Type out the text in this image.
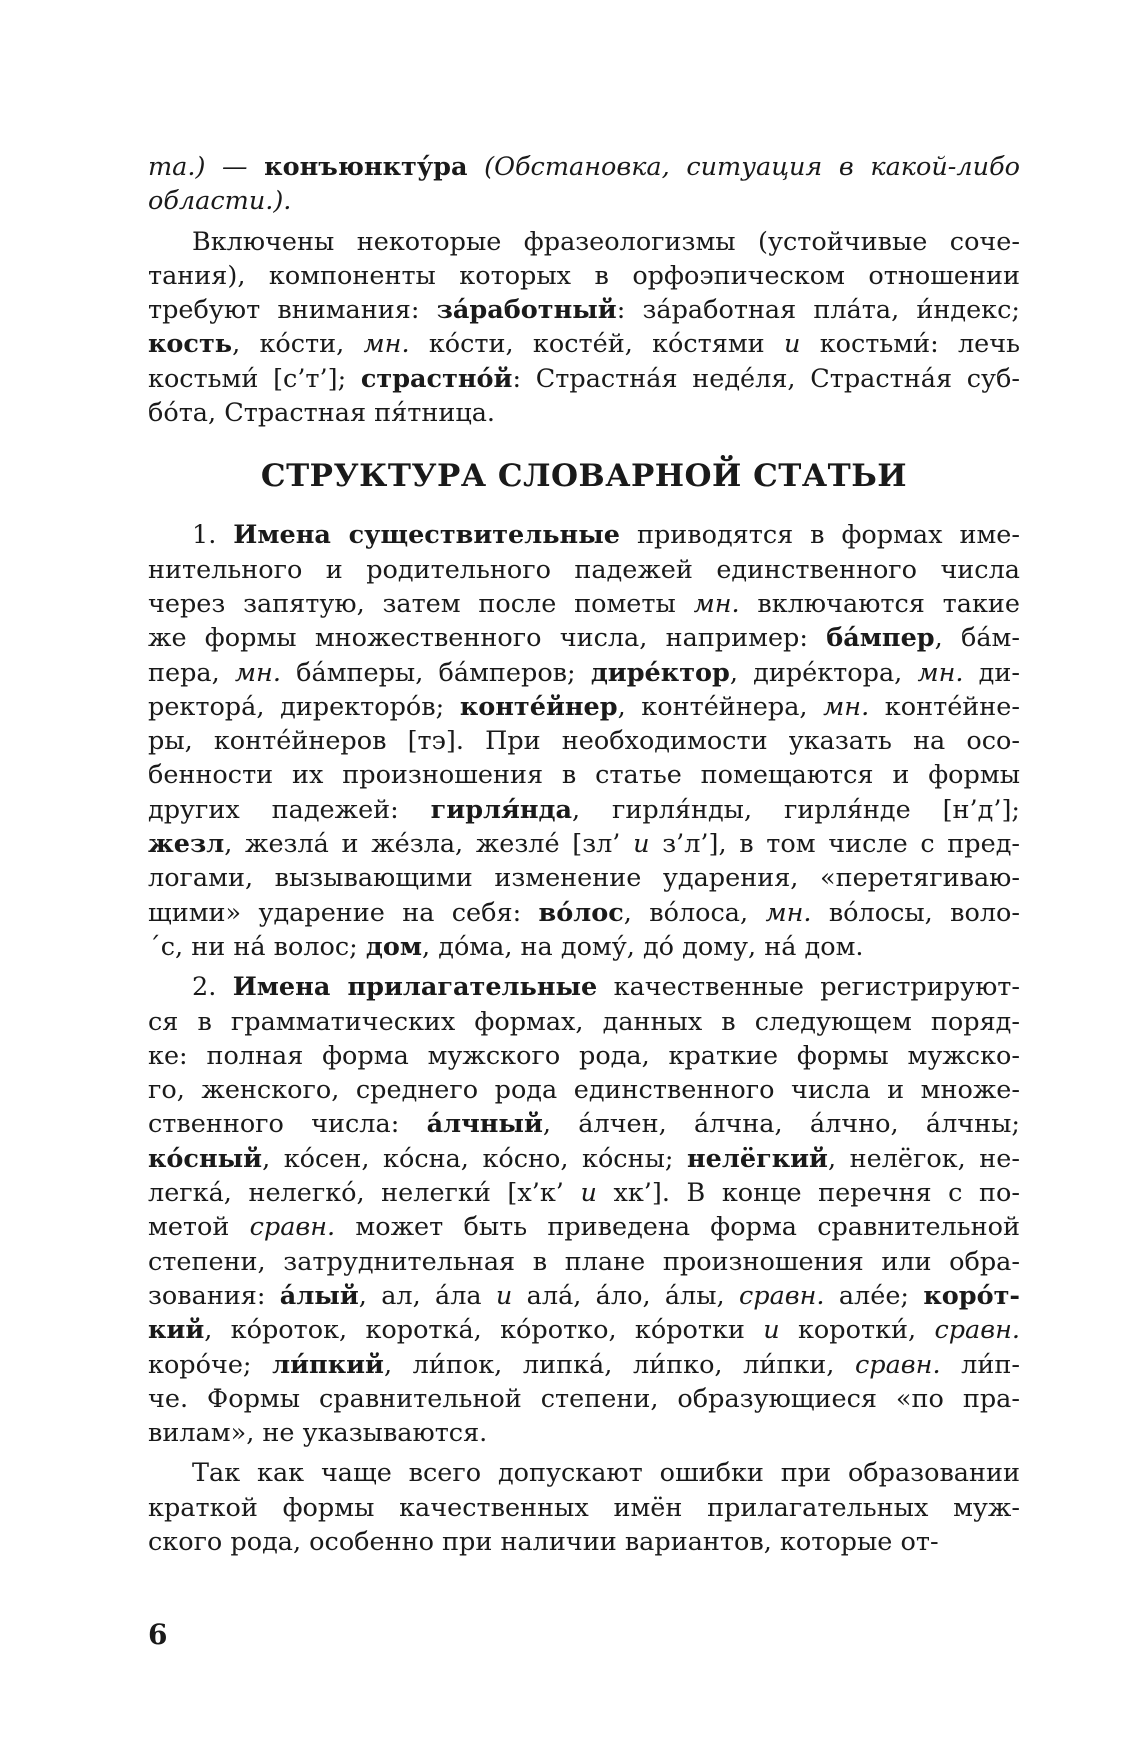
та.) — конъюнкту́ра (Обстановка, ситуация в какой-либо
области.).
Включены некоторые фразеологизмы (устойчивые соче-
тания), компоненты которых в орфоэпическом отношении
требуют внимания: за́работный: за́работная пла́та, и́ндекс;
кость, ко́сти, мн. ко́сти, косте́й, ко́стями и костьми́: лечь
костьми́ [с’т’]; страстно́й: Страстна́я неде́ля, Страстна́я суб-
бо́та, Страстная пя́тница.
СТРУКТУРА СЛОВАРНОЙ СТАТЬИ
1. Имена существительные приводятся в формах име-
нительного и родительного падежей единственного числа
через запятую, затем после пометы мн. включаются такие
же формы множественного числа, например: ба́мпер, ба́м-
пера, мн. ба́мперы, ба́мперов; дире́ктор, дире́ктора, мн. ди-
ректора́, директоро́в; конте́йнер, конте́йнера, мн. конте́йне-
ры, конте́йнеров [тэ]. При необходимости указать на осо-
бенности их произношения в статье помещаются и формы
других падежей: гирля́нда, гирля́нды, гирля́нде [н’д’];
жезл, жезла́ и же́зла, жезле́ [зл’ и з’л’], в том числе с пред-
логами, вызывающими изменение ударения, «перетягиваю-
щими» ударение на себя: во́лос, во́лоса, мн. во́лосы, воло-
´с, ни на́ волос; дом, до́ма, на дому́, до́ дому, на́ дом.
2. Имена прилагательные качественные регистрируют-
ся в грамматических формах, данных в следующем поряд-
ке: полная форма мужского рода, краткие формы мужско-
го, женского, среднего рода единственного числа и множе-
ственного числа: а́лчный, а́лчен, а́лчна, а́лчно, а́лчны;
ко́сный, ко́сен, ко́сна, ко́сно, ко́сны; нелёгкий, нелёгок, не-
легка́, нелегко́, нелегки́ [х’к’ и хк’]. В конце перечня с по-
метой сравн. может быть приведена форма сравнительной
степени, затруднительная в плане произношения или обра-
зования: а́лый, ал, а́ла и ала́, а́ло, а́лы, сравн. але́е; коро́т-
кий, ко́роток, коротка́, ко́ротко, ко́ротки и коротки́, сравн.
коро́че; ли́пкий, ли́пок, липка́, ли́пко, ли́пки, сравн. ли́п-
че. Формы сравнительной степени, образующиеся «по пра-
вилам», не указываются.
Так как чаще всего допускают ошибки при образовании
краткой формы качественных имён прилагательных муж-
ского рода, особенно при наличии вариантов, которые от-
6
